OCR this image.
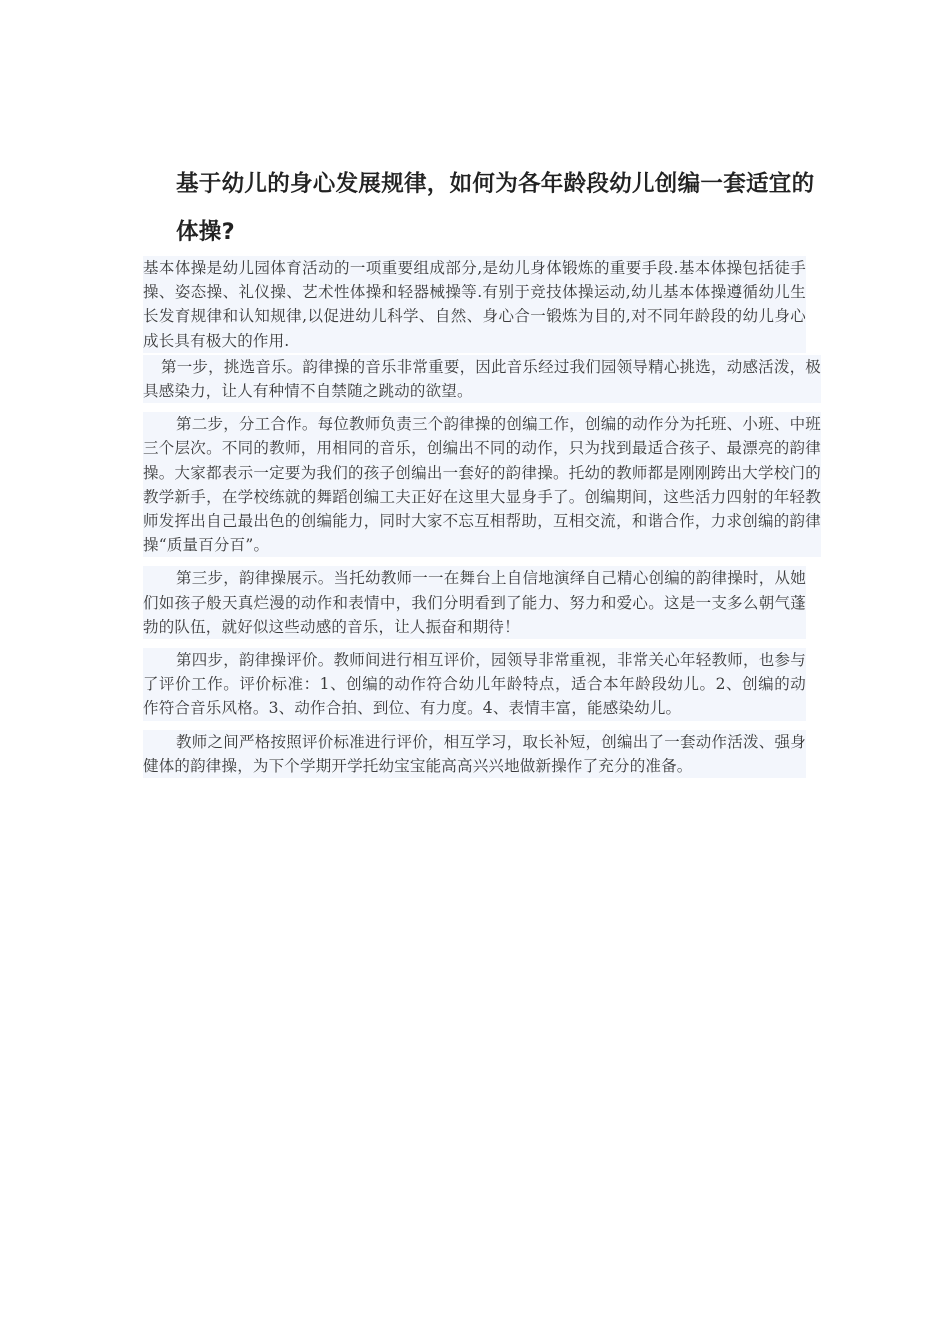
基于幼儿的身心发展规律，如何为各年龄段幼儿创编一套适宜的体操?

基本体操是幼儿园体育活动的一项重要组成部分,是幼儿身体锻炼的重要手段.基本体操包括徒手操、姿态操、礼仪操、艺术性体操和轻器械操等.有别于竞技体操运动,幼儿基本体操遵循幼儿生长发育规律和认知规律,以促进幼儿科学、自然、身心合一锻炼为目的,对不同年龄段的幼儿身心成长具有极大的作用.

第一步，挑选音乐。韵律操的音乐非常重要，因此音乐经过我们园领导精心挑选，动感活泼，极具感染力，让人有种情不自禁随之跳动的欲望。

第二步，分工合作。每位教师负责三个韵律操的创编工作，创编的动作分为托班、小班、中班三个层次。不同的教师，用相同的音乐，创编出不同的动作，只为找到最适合孩子、最漂亮的韵律操。大家都表示一定要为我们的孩子创编出一套好的韵律操。托幼的教师都是刚刚跨出大学校门的教学新手，在学校练就的舞蹈创编工夫正好在这里大显身手了。创编期间，这些活力四射的年轻教师发挥出自己最出色的创编能力，同时大家不忘互相帮助，互相交流，和谐合作，力求创编的韵律操“质量百分百”。

第三步，韵律操展示。当托幼教师一一在舞台上自信地演绎自己精心创编的韵律操时，从她们如孩子般天真烂漫的动作和表情中，我们分明看到了能力、努力和爱心。这是一支多么朝气蓬勃的队伍，就好似这些动感的音乐，让人振奋和期待！

第四步，韵律操评价。教师间进行相互评价，园领导非常重视，非常关心年轻教师，也参与了评价工作。评价标准：1、创编的动作符合幼儿年龄特点，适合本年龄段幼儿。2、创编的动作符合音乐风格。3、动作合拍、到位、有力度。4、表情丰富，能感染幼儿。

教师之间严格按照评价标准进行评价，相互学习，取长补短，创编出了一套动作活泼、强身健体的韵律操，为下个学期开学托幼宝宝能高高兴兴地做新操作了充分的准备。
